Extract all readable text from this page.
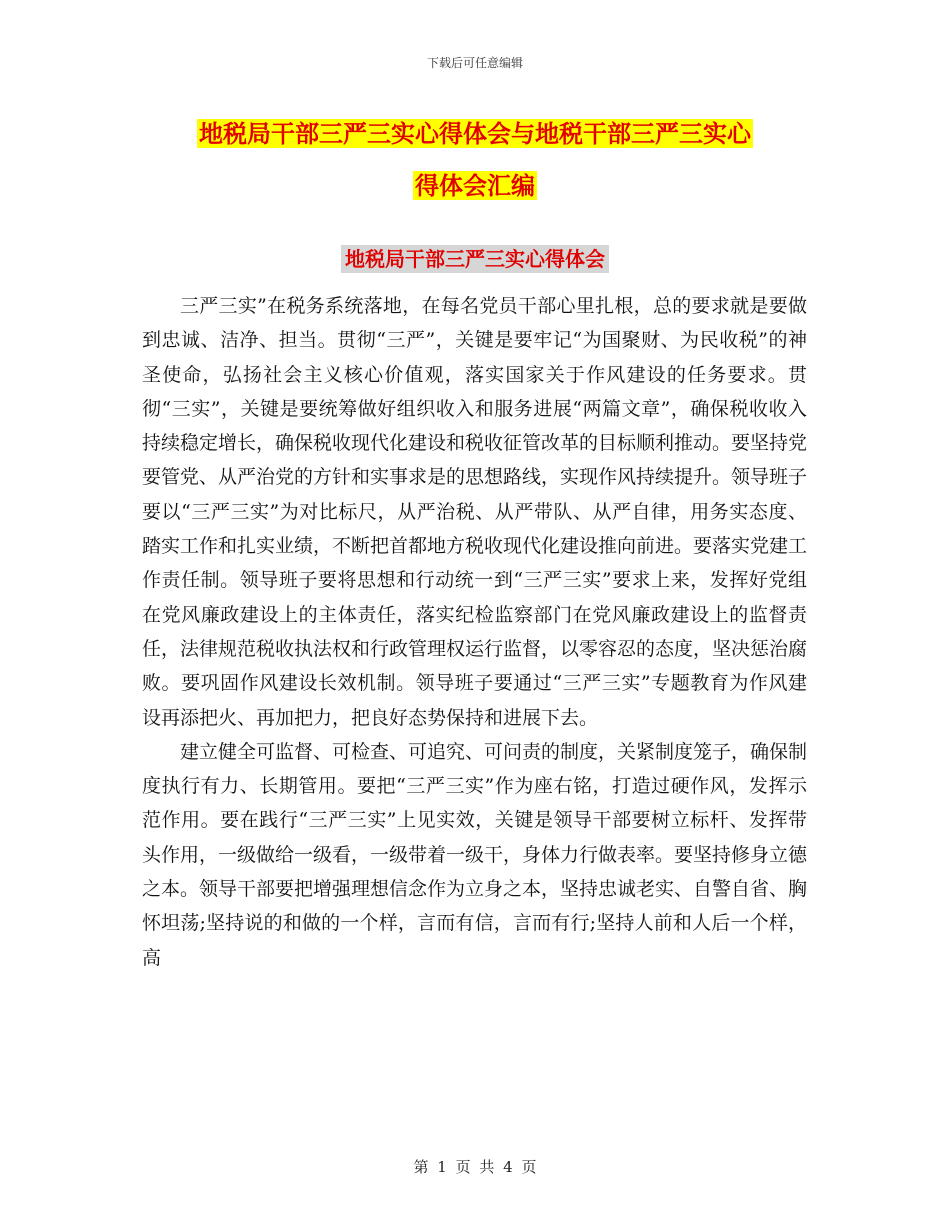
下载后可任意编辑
地税局干部三严三实心得体会与地税干部三严三实心
得体会汇编
地税局干部三严三实心得体会

三严三实”在税务系统落地，在每名党员干部心里扎根，总的要求就是要做到忠诚、洁净、担当。贯彻“三严”，关键是要牢记“为国聚财、为民收税”的神圣使命，弘扬社会主义核心价值观，落实国家关于作风建设的任务要求。贯彻“三实”，关键是要统筹做好组织收入和服务进展“两篇文章”，确保税收收入持续稳定增长，确保税收现代化建设和税收征管改革的目标顺利推动。要坚持党要管党、从严治党的方针和实事求是的思想路线，实现作风持续提升。领导班子要以“三严三实”为对比标尺，从严治税、从严带队、从严自律，用务实态度、踏实工作和扎实业绩，不断把首都地方税收现代化建设推向前进。要落实党建工作责任制。领导班子要将思想和行动统一到“三严三实”要求上来，发挥好党组在党风廉政建设上的主体责任，落实纪检监察部门在党风廉政建设上的监督责任，法律规范税收执法权和行政管理权运行监督，以零容忍的态度，坚决惩治腐败。要巩固作风建设长效机制。领导班子要通过“三严三实”专题教育为作风建设再添把火、再加把力，把良好态势保持和进展下去。

建立健全可监督、可检查、可追究、可问责的制度，关紧制度笼子，确保制度执行有力、长期管用。要把“三严三实”作为座右铭，打造过硬作风，发挥示范作用。要在践行“三严三实”上见实效，关键是领导干部要树立标杆、发挥带头作用，一级做给一级看，一级带着一级干，身体力行做表率。要坚持修身立德之本。领导干部要把增强理想信念作为立身之本，坚持忠诚老实、自警自省、胸怀坦荡;坚持说的和做的一个样，言而有信，言而有行;坚持人前和人后一个样，高

第 1 页 共 4 页
